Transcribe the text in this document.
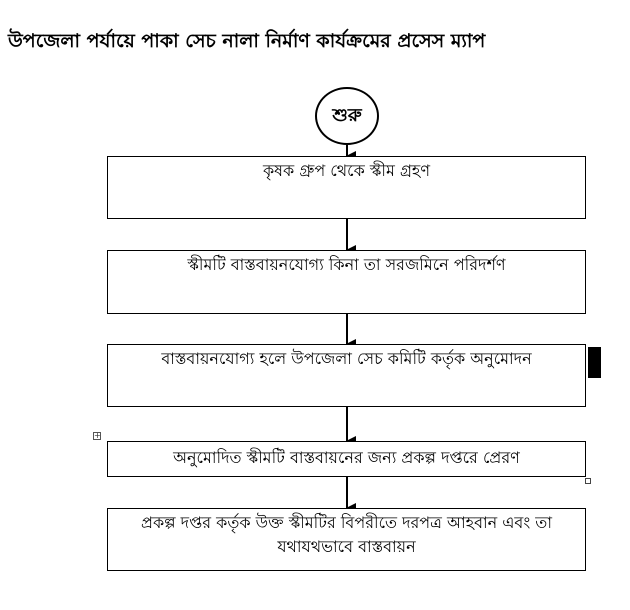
উপজেলা পর্যায়ে পাকা সেচ নালা নির্মাণ কার্যক্রমের প্রসেস ম্যাপ
শুরু
কৃষক গ্রুপ থেকে স্কীম গ্রহণ
স্কীমটি বাস্তবায়নযোগ্য কিনা তা সরজমিনে পরিদর্শণ
বাস্তবায়নযোগ্য হলে উপজেলা সেচ কমিটি কর্তৃক অনুমোদন
অনুমোদিত স্কীমটি বাস্তবায়নের জন্য প্রকল্প দপ্তরে প্রেরণ
প্রকল্প দপ্তর কর্তৃক উক্ত স্কীমটির বিপরীতে দরপত্র আহবান এবং তা যথাযথভাবে বাস্তবায়ন
+
